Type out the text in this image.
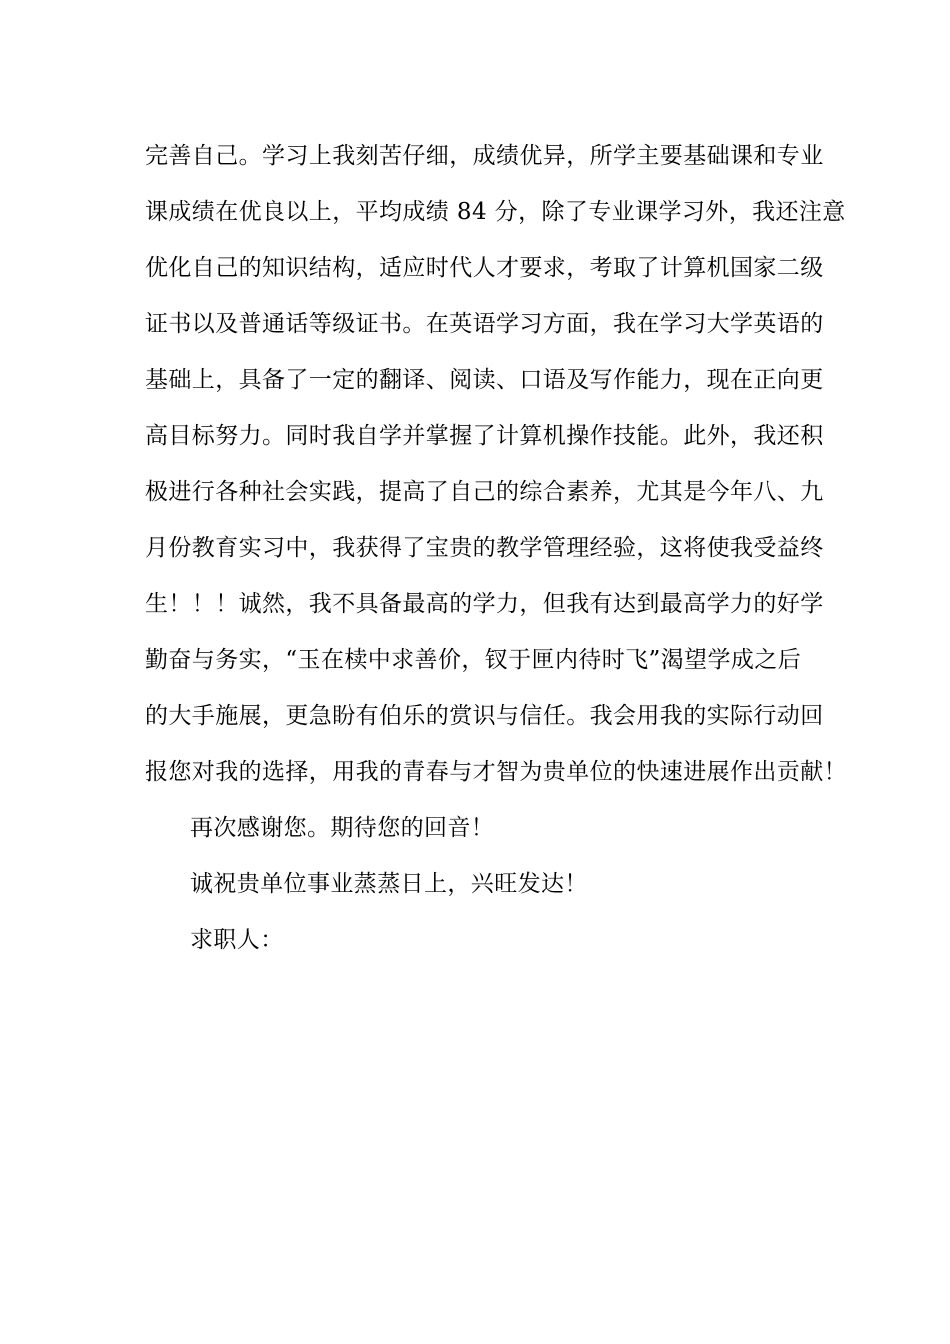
完善自己。学习上我刻苦仔细，成绩优异，所学主要基础课和专业
课成绩在优良以上，平均成绩 84 分，除了专业课学习外，我还注意
优化自己的知识结构，适应时代人才要求，考取了计算机国家二级
证书以及普通话等级证书。在英语学习方面，我在学习大学英语的
基础上，具备了一定的翻译、阅读、口语及写作能力，现在正向更
高目标努力。同时我自学并掌握了计算机操作技能。此外，我还积
极进行各种社会实践，提高了自己的综合素养，尤其是今年八、九
月份教育实习中，我获得了宝贵的教学管理经验，这将使我受益终
生！！！诚然，我不具备最高的学力，但我有达到最高学力的好学
勤奋与务实，“玉在椟中求善价，钗于匣内待时飞”渴望学成之后
的大手施展，更急盼有伯乐的赏识与信任。我会用我的实际行动回
报您对我的选择，用我的青春与才智为贵单位的快速进展作出贡献！
再次感谢您。期待您的回音！
诚祝贵单位事业蒸蒸日上，兴旺发达！
求职人：
